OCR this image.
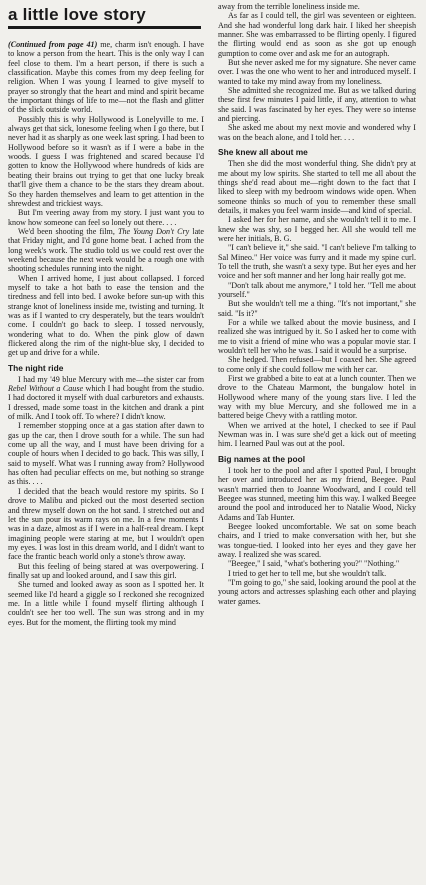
a little love story

(Continued from page 41) me, charm isn't enough. I have to know a person from the heart. This is the only way I can feel close to them. I'm a heart person, if there is such a classification. Maybe this comes from my deep feeling for religion. When I was young I learned to give myself to prayer so strongly that the heart and mind and spirit became the important things of life to me—not the flash and glitter of the slick outside world.

Possibly this is why Hollywood is Lonelyville to me. I always get that sick, lonesome feeling when I go there, but I never had it as sharply as one week last spring. I had been to Hollywood before so it wasn't as if I were a babe in the woods. I guess I was frightened and scared because I'd gotten to know the Hollywood where hundreds of kids are beating their brains out trying to get that one lucky break that'll give them a chance to be the stars they dream about. So they harden themselves and learn to get attention in the shrewdest and trickiest ways.

But I'm veering away from my story. I just want you to know how someone can feel so lonely out there. . . .

We'd been shooting the film, The Young Don't Cry late that Friday night, and I'd gone home beat. I ached from the long week's work. The studio told us we could rest over the weekend because the next week would be a rough one with shooting schedules running into the night.

When I arrived home, I just about collapsed. I forced myself to take a hot bath to ease the tension and the tiredness and fell into bed. I awoke before sun-up with this strange knot of loneliness inside me, twisting and turning. It was as if I wanted to cry desperately, but the tears wouldn't come. I couldn't go back to sleep. I tossed nervously, wondering what to do. When the pink glow of dawn flickered along the rim of the night-blue sky, I decided to get up and drive for a while.

The night ride

I had my '49 blue Mercury with me—the sister car from Rebel Without a Cause which I had bought from the studio. I had doctored it myself with dual carburetors and exhausts. I dressed, made some toast in the kitchen and drank a pint of milk. And I took off. To where? I didn't know.

I remember stopping once at a gas station after dawn to gas up the car, then I drove south for a while. The sun had come up all the way, and I must have been driving for a couple of hours when I decided to go back. This was silly, I said to myself. What was I running away from? Hollywood has often had peculiar effects on me, but nothing so strange as this. . . .

I decided that the beach would restore my spirits. So I drove to Malibu and picked out the most deserted section and threw myself down on the hot sand. I stretched out and let the sun pour its warm rays on me. In a few moments I was in a daze, almost as if I were in a half-real dream. I kept imagining people were staring at me, but I wouldn't open my eyes. I was lost in this dream world, and I didn't want to face the frantic beach world only a stone's throw away.

But this feeling of being stared at was overpowering. I finally sat up and looked around, and I saw this girl.

She turned and looked away as soon as I spotted her. It seemed like I'd heard a giggle so I reckoned she recognized me. In a little while I found myself flirting although I couldn't see her too well. The sun was strong and in my eyes. But for the moment, the flirting took my mind

away from the terrible loneliness inside me.

As far as I could tell, the girl was seventeen or eighteen. And she had wonderful long dark hair. I liked her sheepish manner. She was embarrassed to be flirting openly. I figured the flirting would end as soon as she got up enough gumption to come over and ask me for an autograph.

But she never asked me for my signature. She never came over. I was the one who went to her and introduced myself. I wanted to take my mind away from my loneliness.

She admitted she recognized me. But as we talked during these first few minutes I paid little, if any, attention to what she said. I was fascinated by her eyes. They were so intense and piercing.

She asked me about my next movie and wondered why I was on the beach alone, and I told her. . . .

She knew all about me

Then she did the most wonderful thing. She didn't pry at me about my low spirits. She started to tell me all about the things she'd read about me—right down to the fact that I liked to sleep with my bedroom windows wide open. When someone thinks so much of you to remember these small details, it makes you feel warm inside—and kind of special.

I asked her for her name, and she wouldn't tell it to me. I knew she was shy, so I begged her. All she would tell me were her initials, B. G.

"I can't believe it," she said. "I can't believe I'm talking to Sal Mineo." Her voice was furry and it made my spine curl. To tell the truth, she wasn't a sexy type. But her eyes and her voice and her soft manner and her long hair really got me.

"Don't talk about me anymore," I told her. "Tell me about yourself."

But she wouldn't tell me a thing. "It's not important," she said. "Is it?"

For a while we talked about the movie business, and I realized she was intrigued by it. So I asked her to come with me to visit a friend of mine who was a popular movie star. I wouldn't tell her who he was. I said it would be a surprise.

She hedged. Then refused—but I coaxed her. She agreed to come only if she could follow me with her car.

First we grabbed a bite to eat at a lunch counter. Then we drove to the Chateau Marmont, the bungalow hotel in Hollywood where many of the young stars live. I led the way with my blue Mercury, and she followed me in a battered beige Chevy with a rattling motor.

When we arrived at the hotel, I checked to see if Paul Newman was in. I was sure she'd get a kick out of meeting him. I learned Paul was out at the pool.

Big names at the pool

I took her to the pool and after I spotted Paul, I brought her over and introduced her as my friend, Beegee. Paul wasn't married then to Joanne Woodward, and I could tell Beegee was stunned, meeting him this way. I walked Beegee around the pool and introduced her to Natalie Wood, Nicky Adams and Tab Hunter.

Beegee looked uncomfortable. We sat on some beach chairs, and I tried to make conversation with her, but she was tongue-tied. I looked into her eyes and they gave her away. I realized she was scared.

"Beegee," I said, "what's bothering you?" "Nothing."

I tried to get her to tell me, but she wouldn't talk.

"I'm going to go," she said, looking around the pool at the young actors and actresses splashing each other and playing water games.
